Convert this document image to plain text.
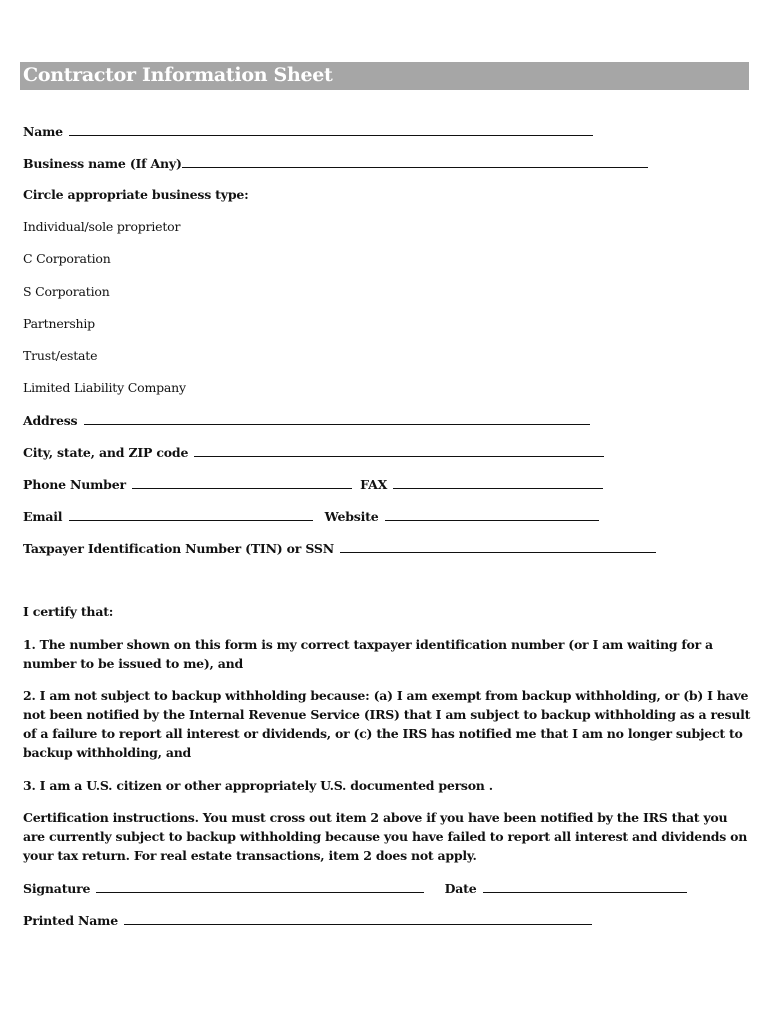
Contractor Information Sheet
Name
Business name (If Any)
Circle appropriate business type:
Individual/sole proprietor
C Corporation
S Corporation
Partnership
Trust/estate
Limited Liability Company
Address
City, state, and ZIP code
Phone Number	FAX
Email	Website
Taxpayer Identification Number (TIN) or SSN
I certify that:

1. The number shown on this form is my correct taxpayer identification number (or I am waiting for a number to be issued to me), and

2. I am not subject to backup withholding because: (a) I am exempt from backup withholding, or (b) I have not been notified by the Internal Revenue Service (IRS) that I am subject to backup withholding as a result of a failure to report all interest or dividends, or (c) the IRS has notified me that I am no longer subject to backup withholding, and

3. I am a U.S. citizen or other appropriately U.S. documented person .

Certification instructions. You must cross out item 2 above if you have been notified by the IRS that you are currently subject to backup withholding because you have failed to report all interest and dividends on your tax return. For real estate transactions, item 2 does not apply.

Signature	Date
Printed Name
